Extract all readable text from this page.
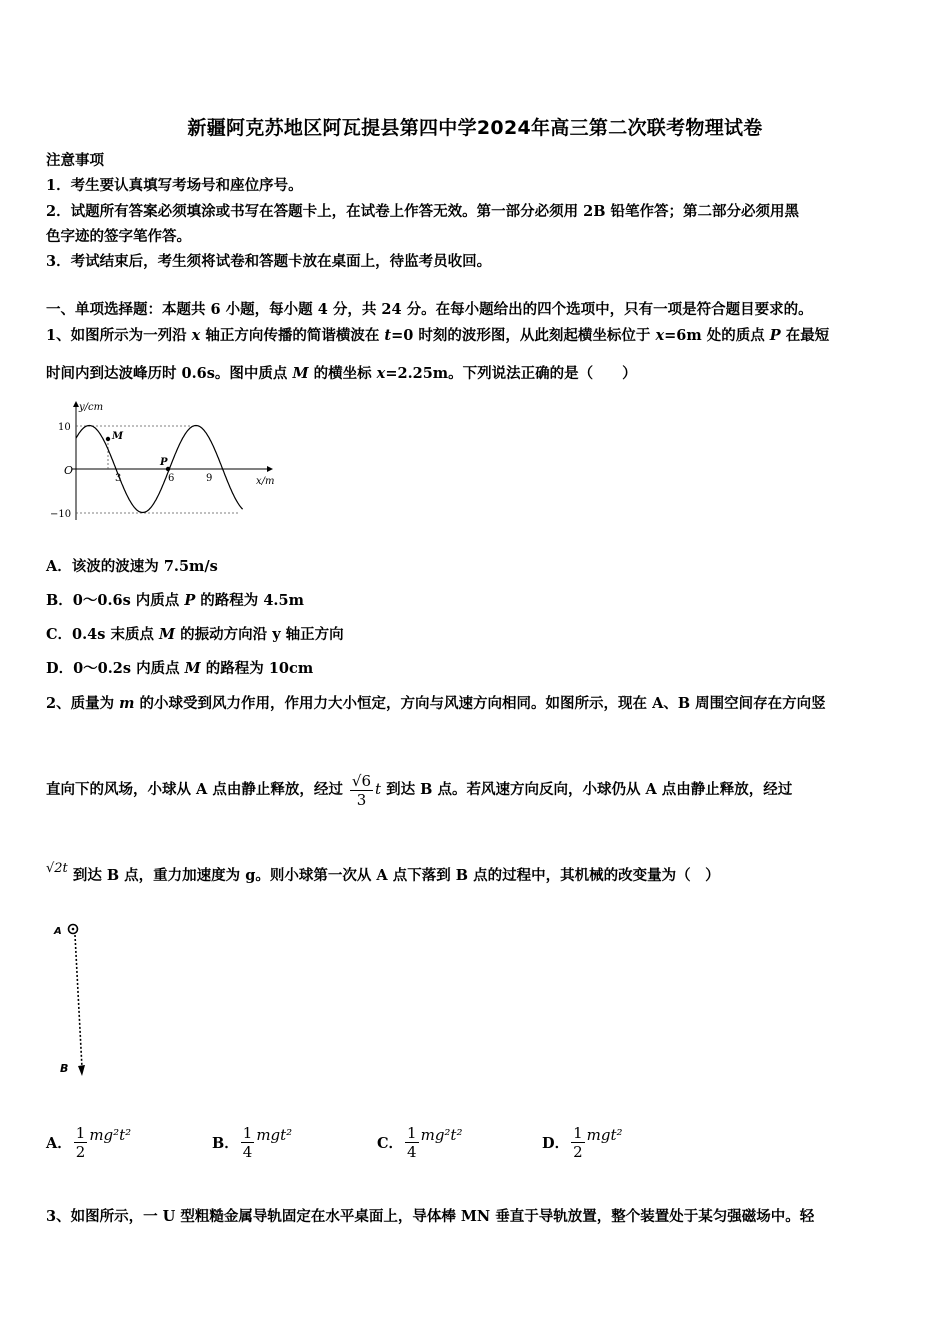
新疆阿克苏地区阿瓦提县第四中学2024年高三第二次联考物理试卷
注意事项
1．考生要认真填写考场号和座位序号。
2．试题所有答案必须填涂或书写在答题卡上，在试卷上作答无效。第一部分必须用 2B 铅笔作答；第二部分必须用黑
色字迹的签字笔作答。
3．考试结束后，考生须将试卷和答题卡放在桌面上，待监考员收回。
一、单项选择题：本题共 6 小题，每小题 4 分，共 24 分。在每小题给出的四个选项中，只有一项是符合题目要求的。
1、如图所示为一列沿 x 轴正方向传播的简谐横波在 t=0 时刻的波形图，从此刻起横坐标位于 x=6m 处的质点 P 在最短
时间内到达波峰历时 0.6s。图中质点 M 的横坐标 x=2.25m。下列说法正确的是（　　）
y/cm
x/m
O
10
−10
3	6	9
M
P
A．该波的波速为 7.5m/s
B．0～0.6s 内质点 P 的路程为 4.5m
C．0.4s 末质点 M 的振动方向沿 y 轴正方向
D．0～0.2s 内质点 M 的路程为 10cm
2、质量为 m 的小球受到风力作用，作用力大小恒定，方向与风速方向相同。如图所示，现在 A、B 周围空间存在方向竖
直向下的风场，小球从 A 点由静止释放，经过 $\frac{√6}{3}$ t 到达 B 点。若风速方向反向，小球仍从 A 点由静止释放，经过
√2t 到达 B 点，重力加速度为 g。则小球第一次从 A 点下落到 B 点的过程中，其机械的改变量为（　）
A
B
A． $\frac{1}{2} mg^2t^2$	B． $\frac{1}{4} mgt^2$	C． $\frac{1}{4} mg^2t^2$	D． $\frac{1}{2} mgt^2$
3、如图所示，一 U 型粗糙金属导轨固定在水平桌面上，导体棒 MN 垂直于导轨放置，整个装置处于某匀强磁场中。轻
